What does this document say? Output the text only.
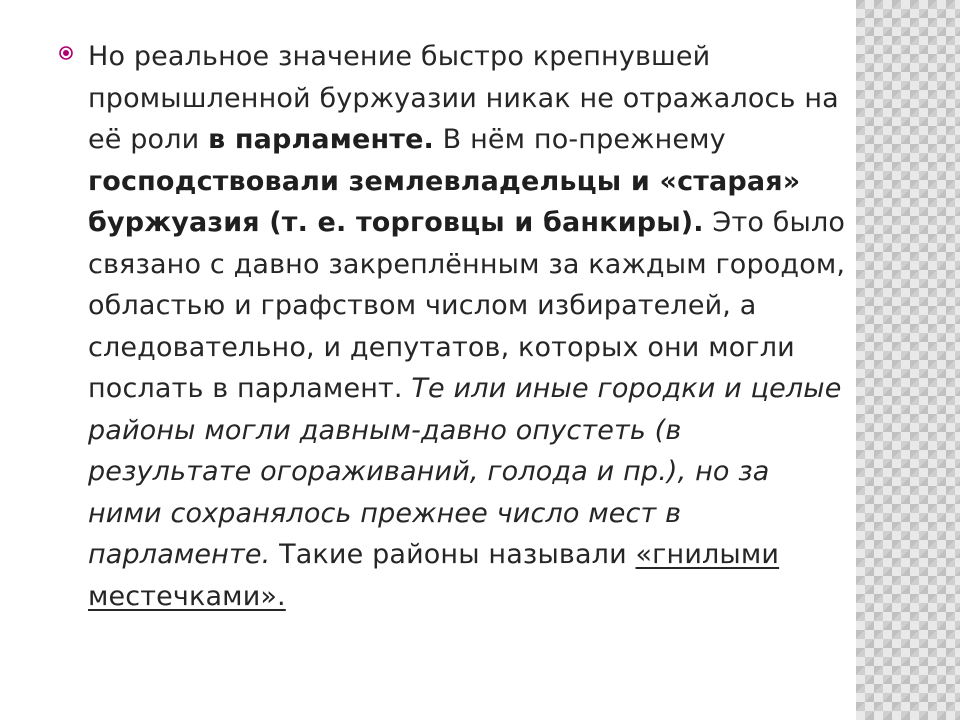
Но реальное значение быстро крепнувшей промышленной буржуазии никак не отражалось на её роли в парламенте. В нём по-прежнему господствовали землевладельцы и «старая» буржуазия (т. е. торговцы и банкиры). Это было связано с давно закреплённым за каждым городом, областью и графством числом избирателей, а следовательно, и депутатов, которых они могли послать в парламент. Те или иные городки и целые районы могли давным-давно опустеть (в результате огораживаний, голода и пр.), но за ними сохранялось прежнее число мест в парламенте. Такие районы называли «гнилыми местечками».
